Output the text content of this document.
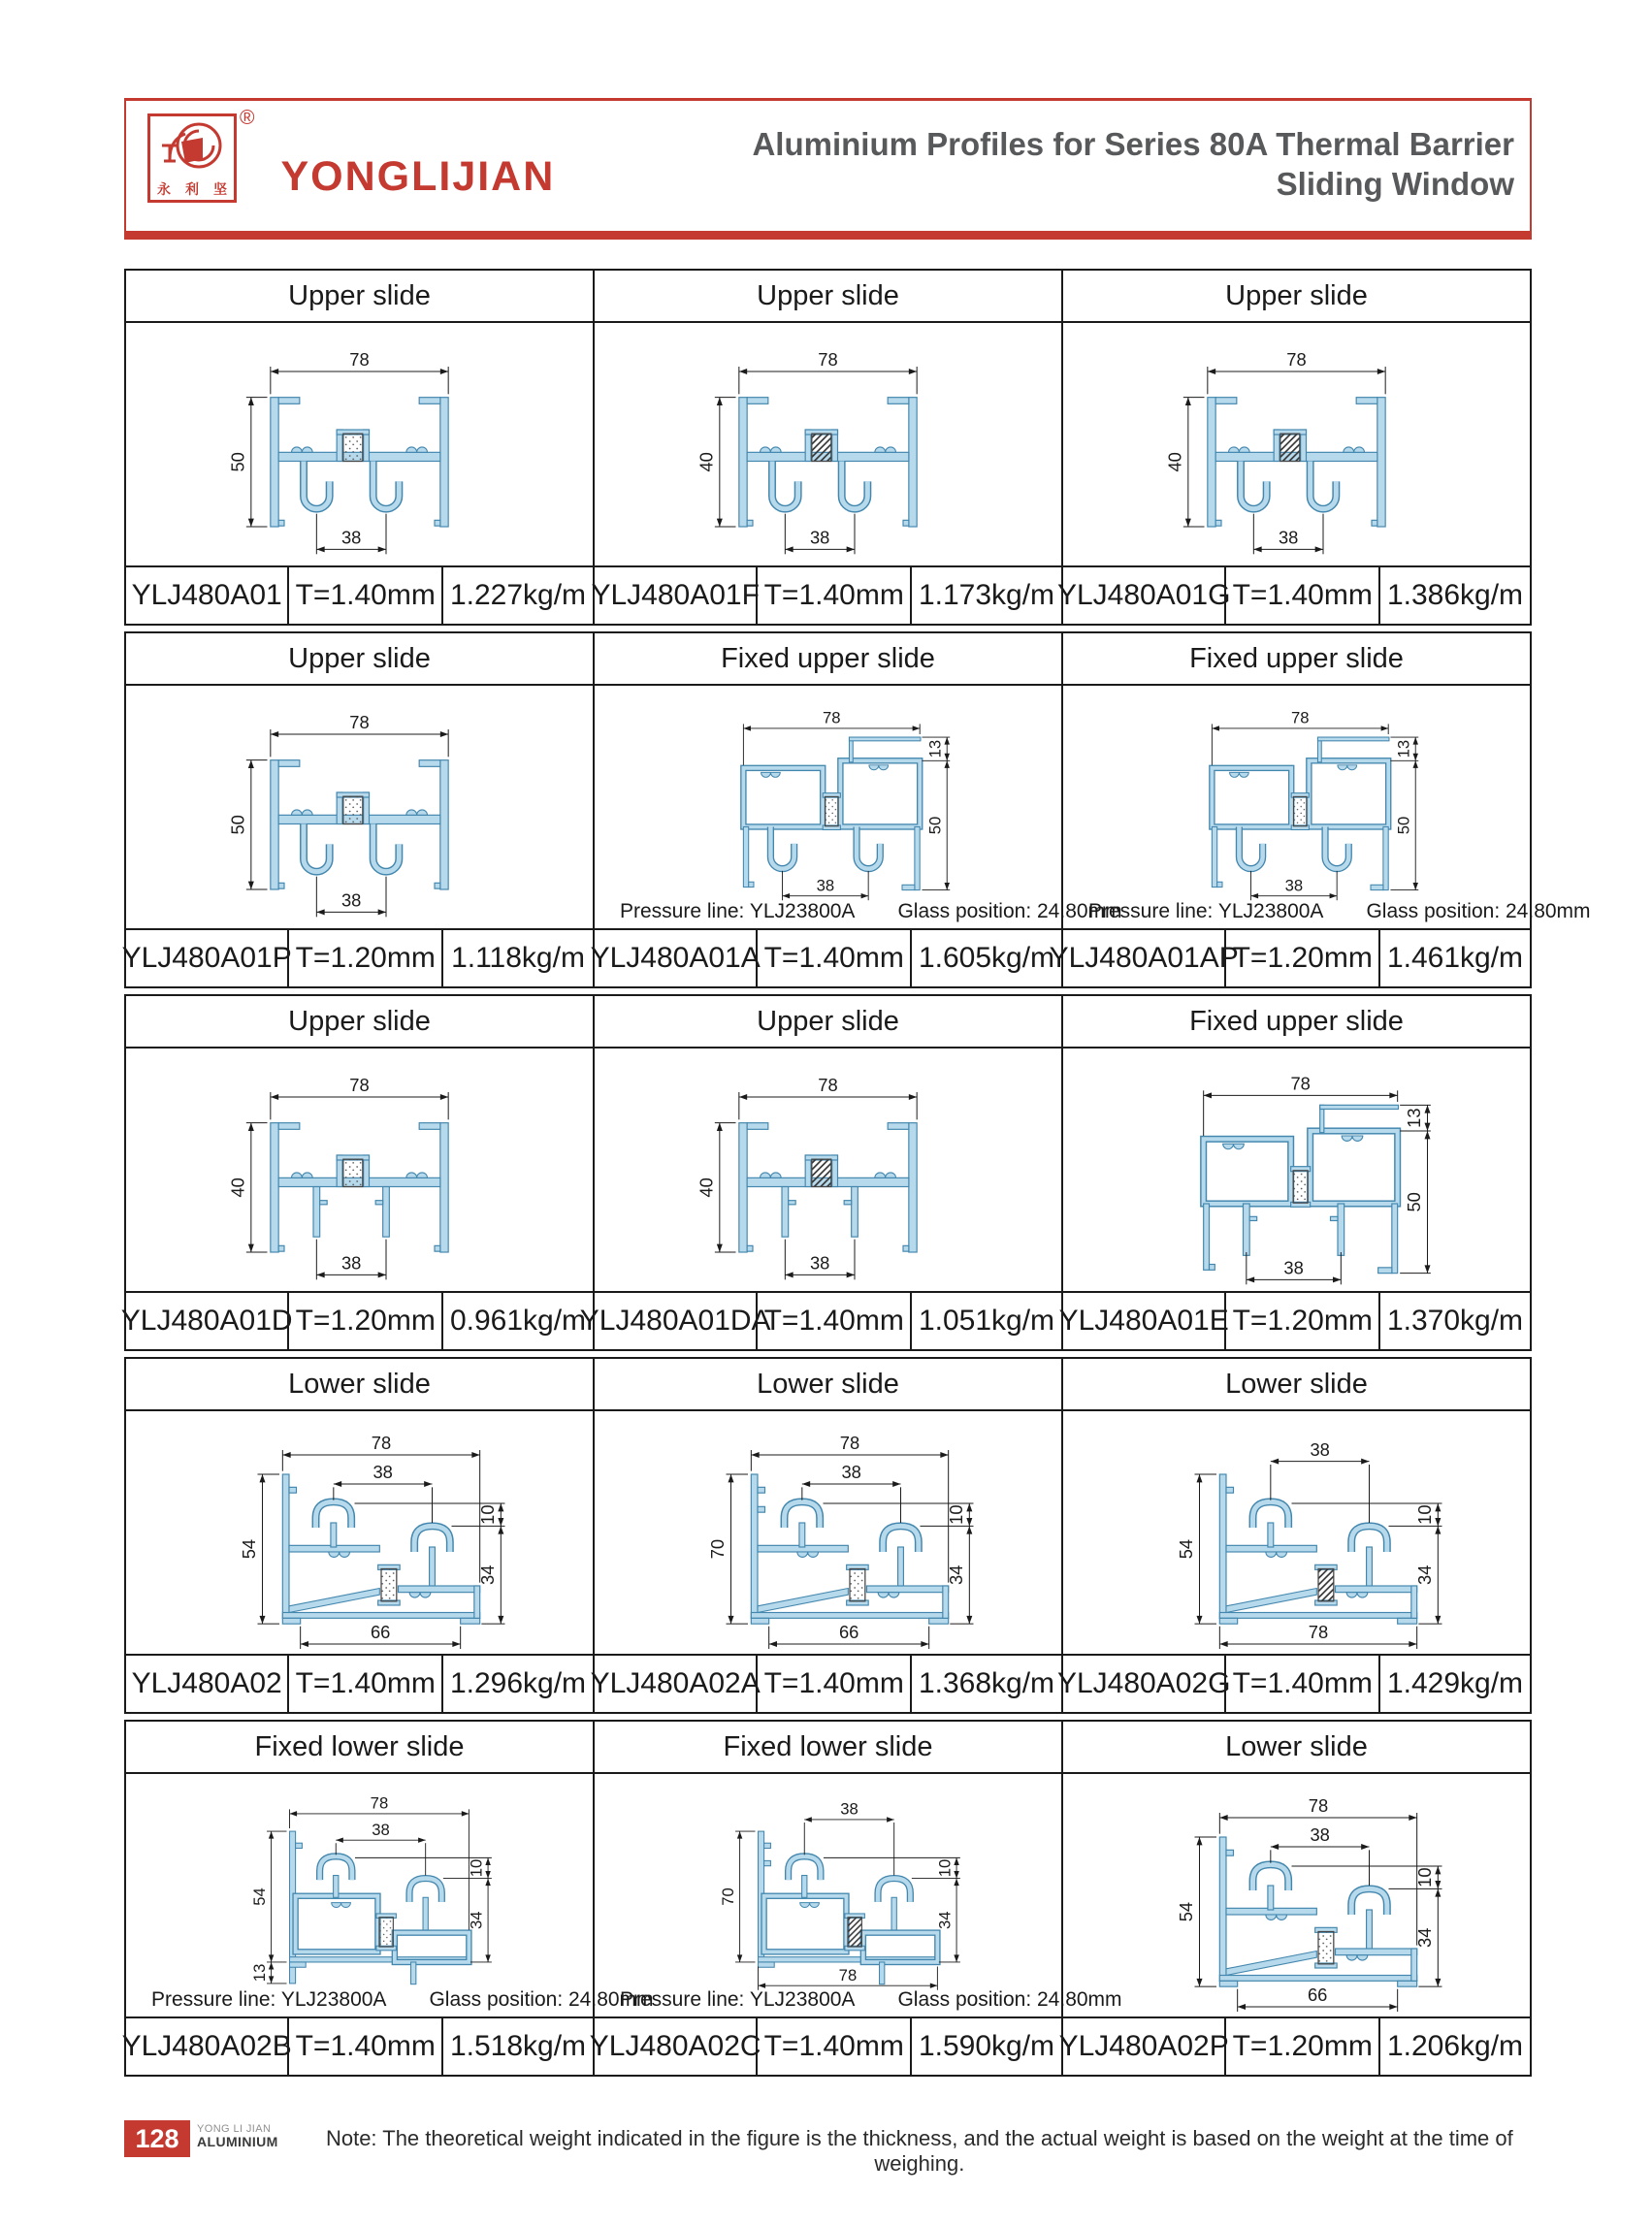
永 利 坚
®
YONGLIJIAN
Aluminium Profiles for Series 80A Thermal Barrier
Sliding Window
Upper slide
78
50
38
YLJ480A01 T=1.40mm 1.227kg/m
Upper slide
78
40
38
YLJ480A01F T=1.40mm 1.173kg/m
Upper slide
78
40
38
YLJ480A01G T=1.40mm 1.386kg/m
Upper slide
78
50
38
YLJ480A01P T=1.20mm 1.118kg/m
Fixed upper slide
78
13
50
38
Pressure line: YLJ23800A Glass position: 24.80mm
YLJ480A01A T=1.40mm 1.605kg/m
Fixed upper slide
78
13
50
38
Pressure line: YLJ23800A Glass position: 24.80mm
YLJ480A01AP
T=1.20mm 1.461kg/m
Upper slide
78
40
38
YLJ480A01D T=1.20mm 0.961kg/m
Upper slide
78
40
38
YLJ480A01DA
T=1.40mm 1.051kg/m
Fixed upper slide
78
13
50
38
YLJ480A01E T=1.20mm 1.370kg/m
Lower slide
78
38
54
10
34
66
YLJ480A02 T=1.40mm 1.296kg/m
Lower slide
78
38
70
10
34
66
YLJ480A02A T=1.40mm 1.368kg/m
Lower slide
38
54
10
34
78
YLJ480A02G T=1.40mm 1.429kg/m
Fixed lower slide
78
38
54
13
10
34
Pressure line: YLJ23800A Glass position: 24.80mm
YLJ480A02B T=1.40mm 1.518kg/m
Fixed lower slide
38
70
10
34
78
Pressure line: YLJ23800A Glass position: 24.80mm
YLJ480A02C T=1.40mm 1.590kg/m
Lower slide
78
38
54
10
34
66
YLJ480A02P T=1.20mm 1.206kg/m
128	YONG LI JIAN
ALUMINIUM	Note: The theoretical weight indicated in the figure is the thickness, and the actual weight is based on the weight at the time of weighing.
